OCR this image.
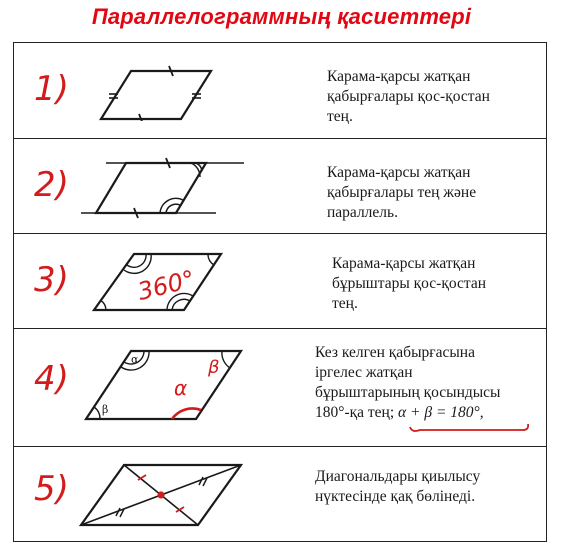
Параллелограммның қасиеттері
1)	Карама-қарсы жатқан
қабырғалары қос-қостан
тең.
2)	Карама-қарсы жатқан
қабырғалары тең және
параллель.
3)	360°
Карама-қарсы жатқан
бұрыштары қос-қостан
тең.
4)	α
β
β
α
Кез келген қабырғасына
іргелес жатқан
бұрыштарының қосындысы
180°-қа тең; α + β = 180°,
5)	Диагональдары қиылысу
нүктесінде қақ бөлінеді.
